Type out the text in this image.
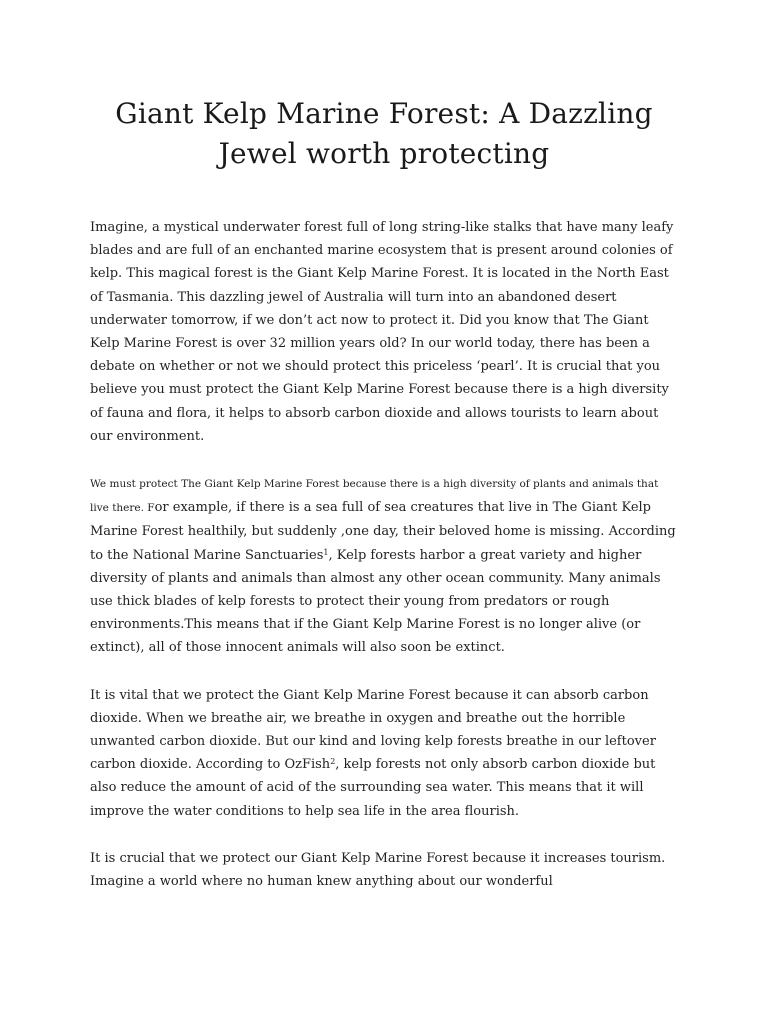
Giant Kelp Marine Forest: A Dazzling
Jewel worth protecting

Imagine, a mystical underwater forest full of long string-like stalks that have many leafy blades and are full of an enchanted marine ecosystem that is present around colonies of kelp. This magical forest is the Giant Kelp Marine Forest. It is located in the North East of Tasmania. This dazzling jewel of Australia will turn into an abandoned desert underwater tomorrow, if we don’t act now to protect it. Did you know that The Giant Kelp Marine Forest is over 32 million years old? In our world today, there has been a debate on whether or not we should protect this priceless ‘pearl’. It is crucial that you believe you must protect the Giant Kelp Marine Forest because there is a high diversity of fauna and flora, it helps to absorb carbon dioxide and allows tourists to learn about our environment.

We must protect The Giant Kelp Marine Forest because there is a high diversity of plants and animals that live there. For example, if there is a sea full of sea creatures that live in The Giant Kelp Marine Forest healthily, but suddenly ,one day, their beloved home is missing. According to the National Marine Sanctuaries$^1$, Kelp forests harbor a great variety and higher diversity of plants and animals than almost any other ocean community. Many animals use thick blades of kelp forests to protect their young from predators or rough environments.This means that if the Giant Kelp Marine Forest is no longer alive (or extinct), all of those innocent animals will also soon be extinct.

It is vital that we protect the Giant Kelp Marine Forest because it can absorb carbon dioxide. When we breathe air, we breathe in oxygen and breathe out the horrible unwanted carbon dioxide. But our kind and loving kelp forests breathe in our leftover carbon dioxide. According to OzFish$^2$, kelp forests not only absorb carbon dioxide but also reduce the amount of acid of the surrounding sea water. This means that it will improve the water conditions to help sea life in the area flourish.

It is crucial that we protect our Giant Kelp Marine Forest because it increases tourism. Imagine a world where no human knew anything about our wonderful
